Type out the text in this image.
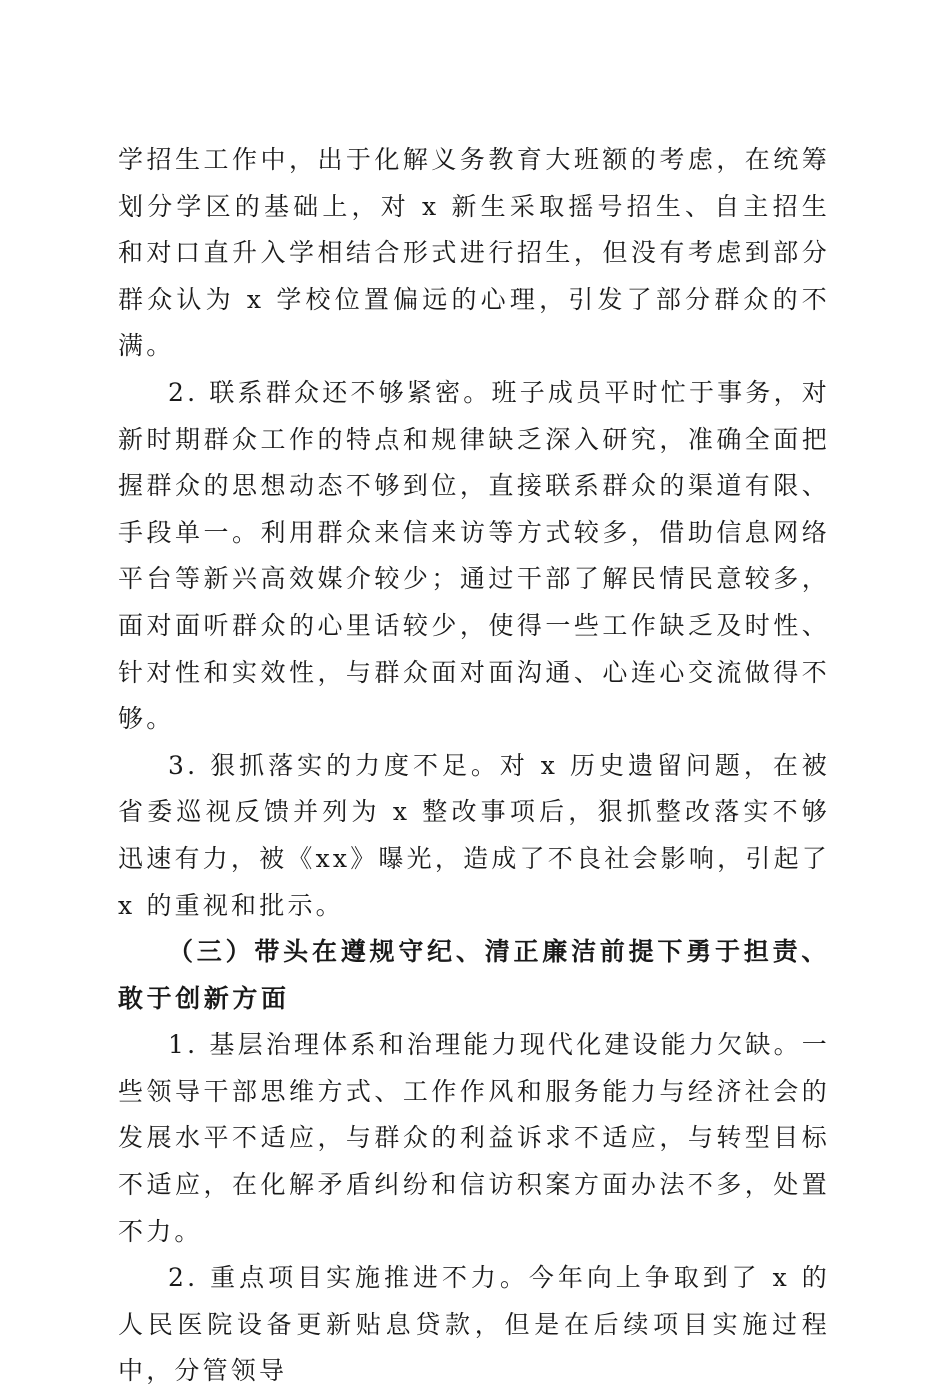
学招生工作中，出于化解义务教育大班额的考虑，在统筹划分学区的基础上，对 x 新生采取摇号招生、自主招生和对口直升入学相结合形式进行招生，但没有考虑到部分群众认为 x 学校位置偏远的心理，引发了部分群众的不满。

2. 联系群众还不够紧密。班子成员平时忙于事务，对新时期群众工作的特点和规律缺乏深入研究，准确全面把握群众的思想动态不够到位，直接联系群众的渠道有限、手段单一。利用群众来信来访等方式较多，借助信息网络平台等新兴高效媒介较少；通过干部了解民情民意较多，面对面听群众的心里话较少，使得一些工作缺乏及时性、针对性和实效性，与群众面对面沟通、心连心交流做得不够。

3. 狠抓落实的力度不足。对 x 历史遗留问题，在被省委巡视反馈并列为 x 整改事项后，狠抓整改落实不够迅速有力，被《xx》曝光，造成了不良社会影响，引起了 x 的重视和批示。

（三）带头在遵规守纪、清正廉洁前提下勇于担责、敢于创新方面

1. 基层治理体系和治理能力现代化建设能力欠缺。一些领导干部思维方式、工作作风和服务能力与经济社会的发展水平不适应，与群众的利益诉求不适应，与转型目标不适应，在化解矛盾纠纷和信访积案方面办法不多，处置不力。

2. 重点项目实施推进不力。今年向上争取到了 x 的人民医院设备更新贴息贷款，但是在后续项目实施过程中，分管领导
